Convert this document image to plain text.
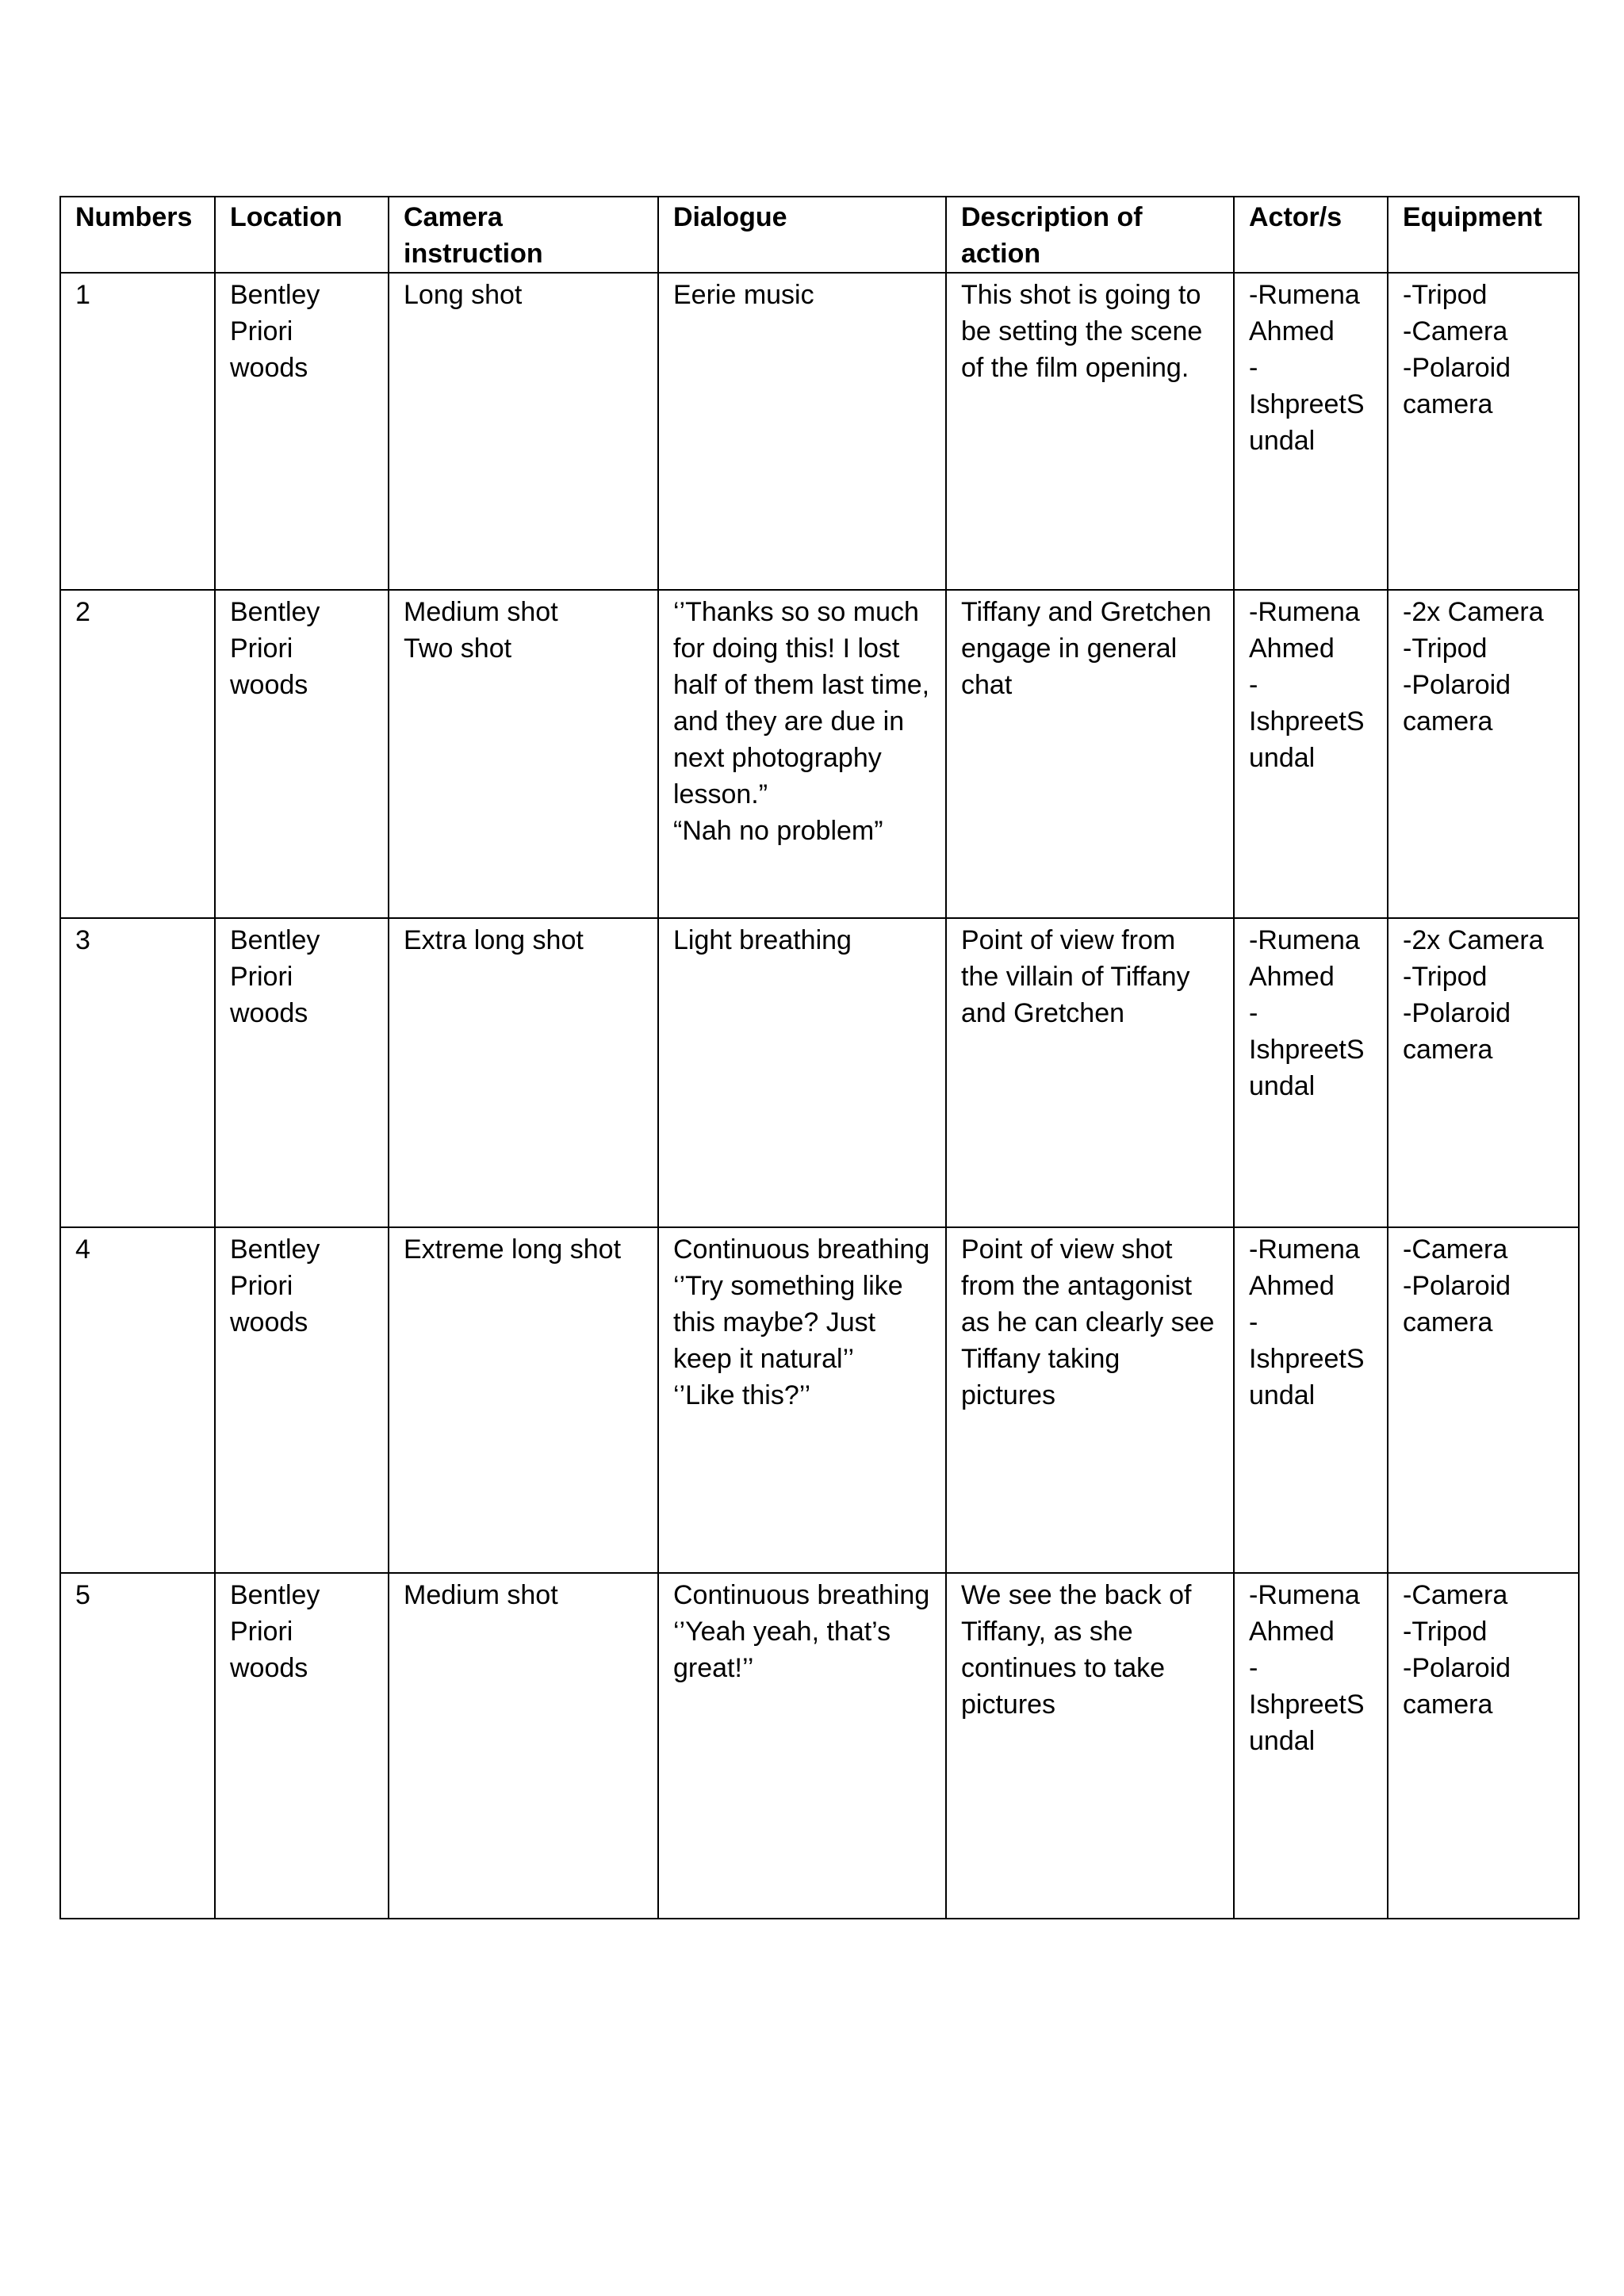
Numbers	Location	Camera instruction	Dialogue	Description of action	Actor/s	Equipment
1	Bentley
Priori
woods	Long shot	Eerie music	This shot is going to be setting the scene of the film opening.	-Rumena
Ahmed
-
IshpreetS
undal	-Tripod
-Camera
-Polaroid
camera
2	Bentley
Priori
woods	Medium shot
Two shot	‘’Thanks so so much for doing this! I lost half of them last time, and they are due in next photography lesson.”
“Nah no problem”	Tiffany and Gretchen engage in general chat	-Rumena
Ahmed
-
IshpreetS
undal	-2x Camera
-Tripod
-Polaroid
camera
3	Bentley
Priori
woods	Extra long shot	Light breathing	Point of view from the villain of Tiffany and Gretchen	-Rumena
Ahmed
-
IshpreetS
undal	-2x Camera
-Tripod
-Polaroid
camera
4	Bentley
Priori
woods	Extreme long shot	Continuous breathing
‘’Try something like this maybe? Just keep it natural’’
‘’Like this?’’	Point of view shot from the antagonist as he can clearly see Tiffany taking pictures	-Rumena
Ahmed
-
IshpreetS
undal	-Camera
-Polaroid
camera
5	Bentley
Priori
woods	Medium shot	Continuous breathing
‘’Yeah yeah, that’s great!’’	We see the back of Tiffany, as she continues to take pictures	-Rumena
Ahmed
-
IshpreetS
undal	-Camera
-Tripod
-Polaroid
camera
